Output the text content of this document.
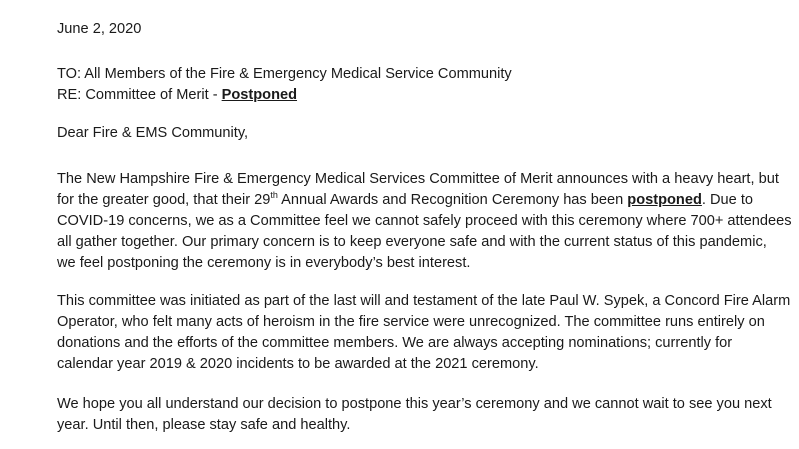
June 2, 2020

TO: All Members of the Fire & Emergency Medical Service Community

RE: Committee of Merit - Postponed

Dear Fire & EMS Community,

The New Hampshire Fire & Emergency Medical Services Committee of Merit announces with a heavy heart, but

for the greater good, that their 29th Annual Awards and Recognition Ceremony has been postponed. Due to

COVID-19 concerns, we as a Committee feel we cannot safely proceed with this ceremony where 700+ attendees

all gather together. Our primary concern is to keep everyone safe and with the current status of this pandemic,

we feel postponing the ceremony is in everybody’s best interest.

This committee was initiated as part of the last will and testament of the late Paul W. Sypek, a Concord Fire Alarm

Operator, who felt many acts of heroism in the fire service were unrecognized. The committee runs entirely on

donations and the efforts of the committee members. We are always accepting nominations; currently for

calendar year 2019 & 2020 incidents to be awarded at the 2021 ceremony.

We hope you all understand our decision to postpone this year’s ceremony and we cannot wait to see you next

year. Until then, please stay safe and healthy.
